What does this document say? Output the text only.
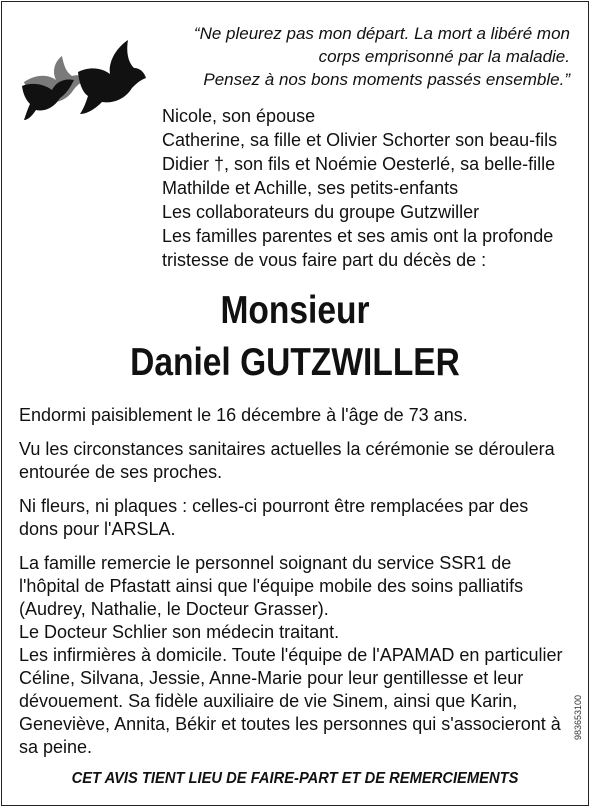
“Ne pleurez pas mon départ. La mort a libéré mon
corps emprisonné par la maladie.
Pensez à nos bons moments passés ensemble.”
Nicole, son épouse
Catherine, sa fille et Olivier Schorter son beau-fils
Didier †, son fils et Noémie Oesterlé, sa belle-fille
Mathilde et Achille, ses petits-enfants
Les collaborateurs du groupe Gutzwiller
Les familles parentes et ses amis ont la profonde
tristesse de vous faire part du décès de :
Monsieur
Daniel GUTZWILLER

Endormi paisiblement le 16 décembre à l'âge de 73 ans.

Vu les circonstances sanitaires actuelles la cérémonie se déroulera entourée de ses proches.

Ni fleurs, ni plaques : celles-ci pourront être remplacées par des dons pour l'ARSLA.

La famille remercie le personnel soignant du service SSR1 de l'hôpital de Pfastatt ainsi que l'équipe mobile des soins palliatifs (Audrey, Nathalie, le Docteur Grasser).

Le Docteur Schlier son médecin traitant.

Les infirmières à domicile. Toute l'équipe de l'APAMAD en particulier Céline, Silvana, Jessie, Anne-Marie pour leur gentillesse et leur dévouement. Sa fidèle auxiliaire de vie Sinem, ainsi que Karin, Geneviève, Annita, Békir et toutes les personnes qui s'associeront à sa peine.

CET AVIS TIENT LIEU DE FAIRE-PART ET DE REMERCIEMENTS
983653100
